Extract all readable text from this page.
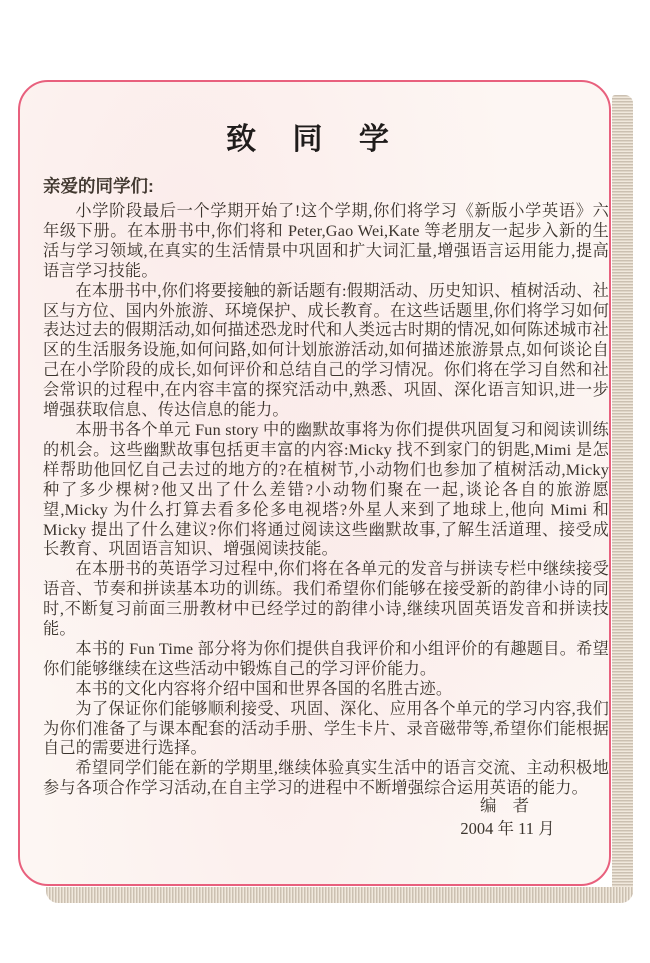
致 同 学
亲爱的同学们:

小学阶段最后一个学期开始了!这个学期,你们将学习《新版小学英语》六年级下册。在本册书中,你们将和 Peter,Gao Wei,Kate 等老朋友一起步入新的生活与学习领域,在真实的生活情景中巩固和扩大词汇量,增强语言运用能力,提高语言学习技能。

在本册书中,你们将要接触的新话题有:假期活动、历史知识、植树活动、社区与方位、国内外旅游、环境保护、成长教育。在这些话题里,你们将学习如何表达过去的假期活动,如何描述恐龙时代和人类远古时期的情况,如何陈述城市社区的生活服务设施,如何问路,如何计划旅游活动,如何描述旅游景点,如何谈论自己在小学阶段的成长,如何评价和总结自己的学习情况。你们将在学习自然和社会常识的过程中,在内容丰富的探究活动中,熟悉、巩固、深化语言知识,进一步增强获取信息、传达信息的能力。

本册书各个单元 Fun story 中的幽默故事将为你们提供巩固复习和阅读训练的机会。这些幽默故事包括更丰富的内容:Micky 找不到家门的钥匙,Mimi 是怎样帮助他回忆自己去过的地方的?在植树节,小动物们也参加了植树活动,Micky 种了多少棵树?他又出了什么差错?小动物们聚在一起,谈论各自的旅游愿望,Micky 为什么打算去看多伦多电视塔?外星人来到了地球上,他向 Mimi 和 Micky 提出了什么建议?你们将通过阅读这些幽默故事,了解生活道理、接受成长教育、巩固语言知识、增强阅读技能。

在本册书的英语学习过程中,你们将在各单元的发音与拼读专栏中继续接受语音、节奏和拼读基本功的训练。我们希望你们能够在接受新的韵律小诗的同时,不断复习前面三册教材中已经学过的韵律小诗,继续巩固英语发音和拼读技能。

本书的 Fun Time 部分将为你们提供自我评价和小组评价的有趣题目。希望你们能够继续在这些活动中锻炼自己的学习评价能力。

本书的文化内容将介绍中国和世界各国的名胜古迹。

为了保证你们能够顺利接受、巩固、深化、应用各个单元的学习内容,我们为你们准备了与课本配套的活动手册、学生卡片、录音磁带等,希望你们能根据自己的需要进行选择。

希望同学们能在新的学期里,继续体验真实生活中的语言交流、主动积极地参与各项合作学习活动,在自主学习的进程中不断增强综合运用英语的能力。

编 者
2004 年 11 月
